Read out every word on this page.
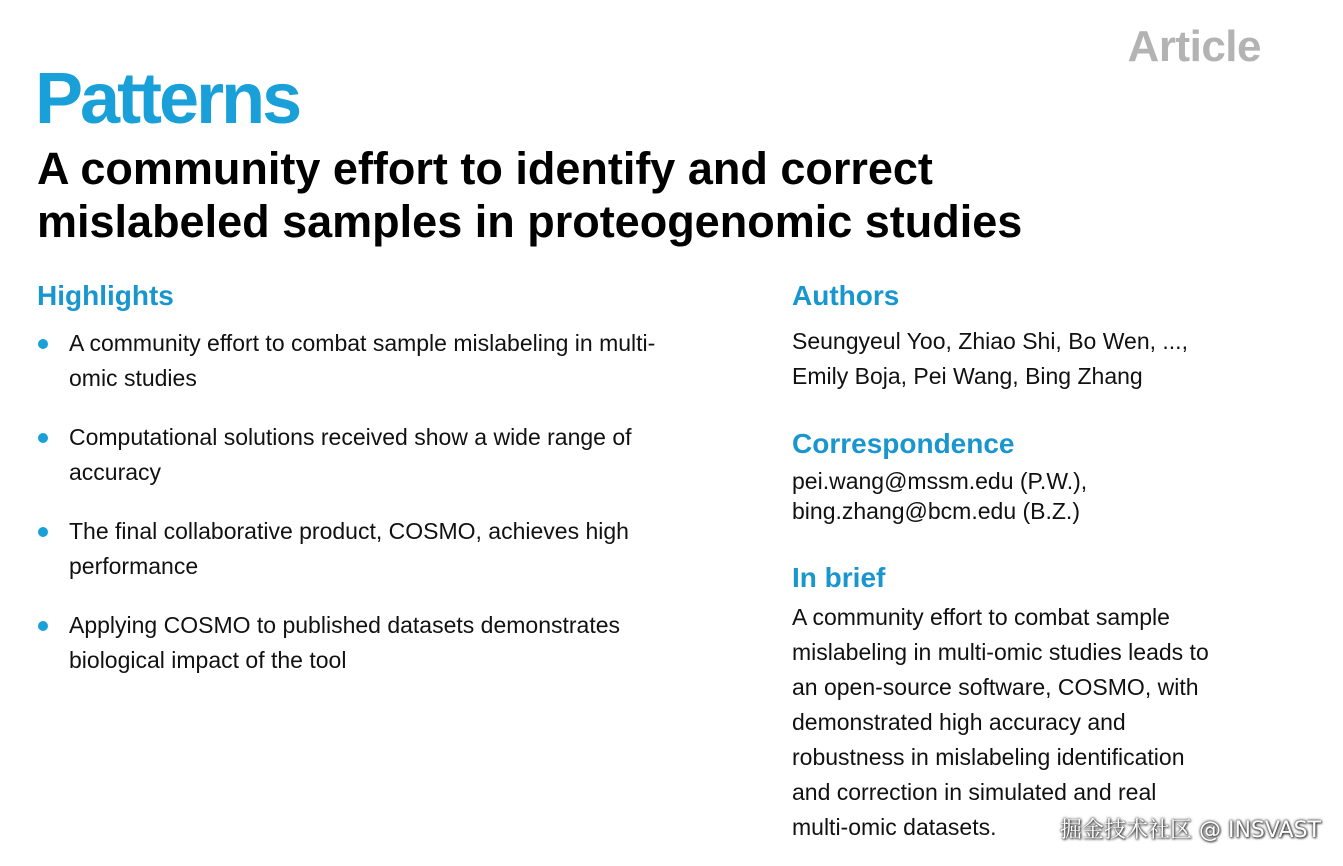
Article
Patterns
A community effort to identify and correct
mislabeled samples in proteogenomic studies
Highlights
A community effort to combat sample mislabeling in multi-
omic studies
Computational solutions received show a wide range of
accuracy
The final collaborative product, COSMO, achieves high
performance
Applying COSMO to published datasets demonstrates
biological impact of the tool
Authors

Seungyeul Yoo, Zhiao Shi, Bo Wen, ...,
Emily Boja, Pei Wang, Bing Zhang

Correspondence

pei.wang@mssm.edu (P.W.),
bing.zhang@bcm.edu (B.Z.)

In brief

A community effort to combat sample
mislabeling in multi-omic studies leads to
an open-source software, COSMO, with
demonstrated high accuracy and
robustness in mislabeling identification
and correction in simulated and real
multi-omic datasets.	掘金技术社区 @ INSVAST
